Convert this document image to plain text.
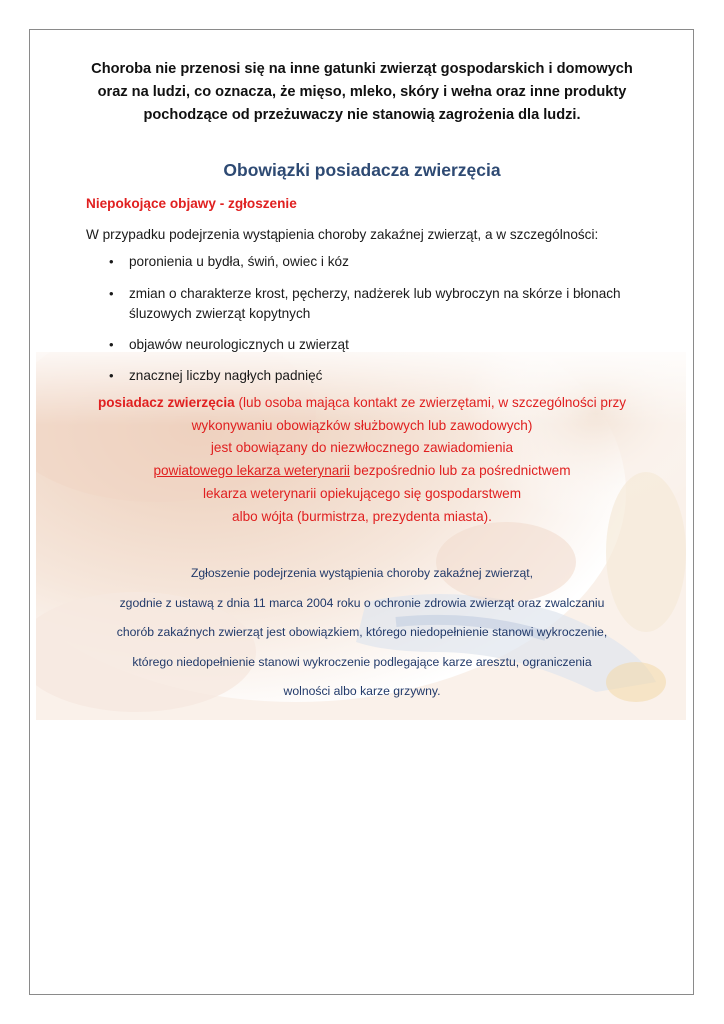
Choroba nie przenosi się na inne gatunki zwierząt gospodarskich i domowych
oraz na ludzi, co oznacza, że mięso, mleko, skóry i wełna oraz inne produkty
pochodzące od przeżuwaczy nie stanowią zagrożenia dla ludzi.
Obowiązki posiadacza zwierzęcia

Niepokojące objawy - zgłoszenie

W przypadku podejrzenia wystąpienia choroby zakaźnej zwierząt, a w szczególności:

• poronienia u bydła, świń, owiec i kóz
• zmian o charakterze krost, pęcherzy, nadżerek lub wybroczyn na skórze i błonach
śluzowych zwierząt kopytnych
• objawów neurologicznych u zwierząt
• znacznej liczby nagłych padnięć
posiadacz zwierzęcia (lub osoba mająca kontakt ze zwierzętami, w szczególności przy
wykonywaniu obowiązków służbowych lub zawodowych)
jest obowiązany do niezwłocznego zawiadomienia
powiatowego lekarza weterynarii bezpośrednio lub za pośrednictwem
lekarza weterynarii opiekującego się gospodarstwem
albo wójta (burmistrza, prezydenta miasta).
Zgłoszenie podejrzenia wystąpienia choroby zakaźnej zwierząt,
zgodnie z ustawą z dnia 11 marca 2004 roku o ochronie zdrowia zwierząt oraz zwalczaniu
chorób zakaźnych zwierząt jest obowiązkiem, którego niedopełnienie stanowi wykroczenie,
którego niedopełnienie stanowi wykroczenie podlegające karze aresztu, ograniczenia
wolności albo karze grzywny.
